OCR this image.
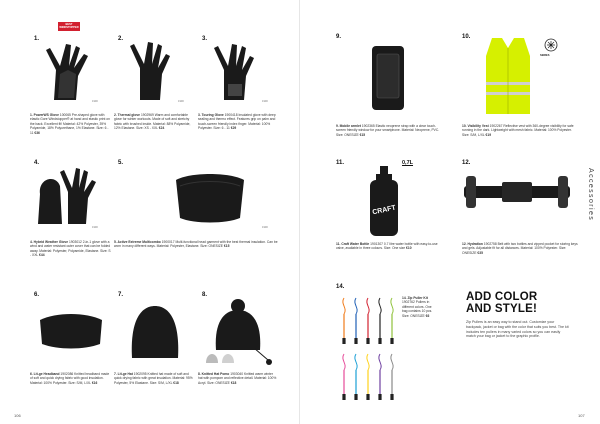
BEST
WINDSTOPPER
1.
1900
1. PowerWS Glove 100065 Pre-shaped glove with elastic Gore Windstopper® at hand and elastic print on the back. Excellent fit! Material: 42% Polyester, 39% Polyamide, 18% Polyurethane, 1% Elastane. Size: 6 - 11 €36
2.
1900
2. Thermal glove 1902969 Warm and comfortable glove for winter workouts. Made of soft and stretchy fabric with brushed inside. Material: 88% Polyamide, 12% Elastane. Size: XS - XXL €24
3.
1900
3. Touring Glove 1900418 Insulated glove with deep sealing and thermo effect. Features grip on palm and touch-screen friendly index finger. Material: 100% Polyester. Size: 6 - 11 €29
4.
1900
4. Hybrid Weather Glove 1903012 2-in-1 glove with a wind and water resistant outer cover that can be folded away. Material: Polyester, Polyamide, Elastane. Size: S - XXL €44
5.
1900
5. Active Extreme Multicombo 1900017 Multi-functional head garment with the best thermal insulation. Can be worn in many different ways. Material: Polyester, Elastane. Size: ONESIZE €15
6.
6. Lit-ge Headband 1902086 Knitted headband made of soft and quick drying fabric with good insulation. Material: 100% Polyester. Size: S/M, L/XL €16
7.
7. Lit-ge Hat 1902095 Knitted hat made of soft and quick drying fabric with great insulation. Material: 95% Polyester, 5% Elastane. Size: S/M, L/XL €18
8.
8. Knitted Hat Pomo 1903040 Knitted warm winter hat with pompom and reflective detail. Material: 100% Acryl. Size: ONESIZE €18
106
9.
9. Mobile armlet 1902365 Elastic neoprene strap with a clear touch-screen friendly window for your smartphone. Material: Neoprene, PVC. Size: ONESIZE €15
10.
SERIES
10. Visibility Vest 1902267 Reflective vest with 360-degree visibility for safe running in the dark. Lightweight with mesh fabric. Material: 100% Polyester. Size: S/M, L/XL €19
11.	0,7L
CRAFT
11. Craft Water Bottle 1901307 0.7 litre water bottle with easy-to-use valve, available in three colours. Size: One size €10
12.
12. Hydration 1902758 Belt with two bottles and zipped pocket for storing keys and gels. Adjustable fit for all distances. Material: 100% Polyester. Size: ONESIZE €35
Accessories
14.
14. Zip Puller Kit 1902762 Pullers in different colors. One bag contains 10 pcs. Size: ONESIZE €6
ADD COLOR
AND STYLE!
Zip Pullers is an easy way to stand out. Customize your backpack, jacket or bag with the color that suits you best. The kit includes ten pullers in many varied colors so you can easily match your bag or jacket to the graphic profile.
107
